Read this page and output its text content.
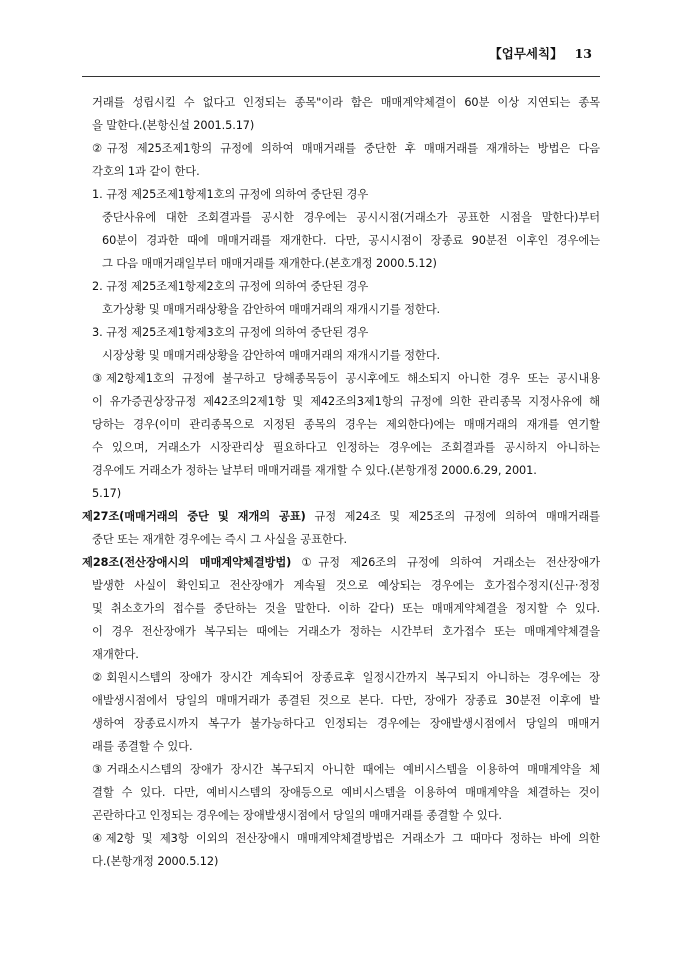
【업무세칙】 13
거래를 성립시킬 수 없다고 인정되는 종목"이라 함은 매매계약체결이 60분 이상 지연되는 종목
을 말한다.(본항신설 2001.5.17)
②규정 제25조제1항의 규정에 의하여 매매거래를 중단한 후 매매거래를 재개하는 방법은 다음
각호의 1과 같이 한다.
1. 규정 제25조제1항제1호의 규정에 의하여 중단된 경우
중단사유에 대한 조회결과를 공시한 경우에는 공시시점(거래소가 공표한 시점을 말한다)부터
60분이 경과한 때에 매매거래를 재개한다. 다만, 공시시점이 장종료 90분전 이후인 경우에는
그 다음 매매거래일부터 매매거래를 재개한다.(본호개정 2000.5.12)
2. 규정 제25조제1항제2호의 규정에 의하여 중단된 경우
호가상황 및 매매거래상황을 감안하여 매매거래의 재개시기를 정한다.
3. 규정 제25조제1항제3호의 규정에 의하여 중단된 경우
시장상황 및 매매거래상황을 감안하여 매매거래의 재개시기를 정한다.
③제2항제1호의 규정에 불구하고 당해종목등이 공시후에도 해소되지 아니한 경우 또는 공시내용
이 유가증권상장규정 제42조의2제1항 및 제42조의3제1항의 규정에 의한 관리종목 지정사유에 해
당하는 경우(이미 관리종목으로 지정된 종목의 경우는 제외한다)에는 매매거래의 재개를 연기할
수 있으며, 거래소가 시장관리상 필요하다고 인정하는 경우에는 조회결과를 공시하지 아니하는
경우에도 거래소가 정하는 날부터 매매거래를 재개할 수 있다.(본항개정 2000.6.29, 2001.
5.17)
제27조(매매거래의 중단 및 재개의 공표) 규정 제24조 및 제25조의 규정에 의하여 매매거래를
중단 또는 재개한 경우에는 즉시 그 사실을 공표한다.
제28조(전산장애시의 매매계약체결방법) ①규정 제26조의 규정에 의하여 거래소는 전산장애가
발생한 사실이 확인되고 전산장애가 계속될 것으로 예상되는 경우에는 호가접수정지(신규·정정
및 취소호가의 접수를 중단하는 것을 말한다. 이하 같다) 또는 매매계약체결을 정지할 수 있다.
이 경우 전산장애가 복구되는 때에는 거래소가 정하는 시간부터 호가접수 또는 매매계약체결을
재개한다.
②회원시스템의 장애가 장시간 계속되어 장종료후 일정시간까지 복구되지 아니하는 경우에는 장
애발생시점에서 당일의 매매거래가 종결된 것으로 본다. 다만, 장애가 장종료 30분전 이후에 발
생하여 장종료시까지 복구가 불가능하다고 인정되는 경우에는 장애발생시점에서 당일의 매매거
래를 종결할 수 있다.
③거래소시스템의 장애가 장시간 복구되지 아니한 때에는 예비시스템을 이용하여 매매계약을 체
결할 수 있다. 다만, 예비시스템의 장애등으로 예비시스템을 이용하여 매매계약을 체결하는 것이
곤란하다고 인정되는 경우에는 장애발생시점에서 당일의 매매거래를 종결할 수 있다.
④제2항 및 제3항 이외의 전산장애시 매매계약체결방법은 거래소가 그 때마다 정하는 바에 의한
다.(본항개정 2000.5.12)
